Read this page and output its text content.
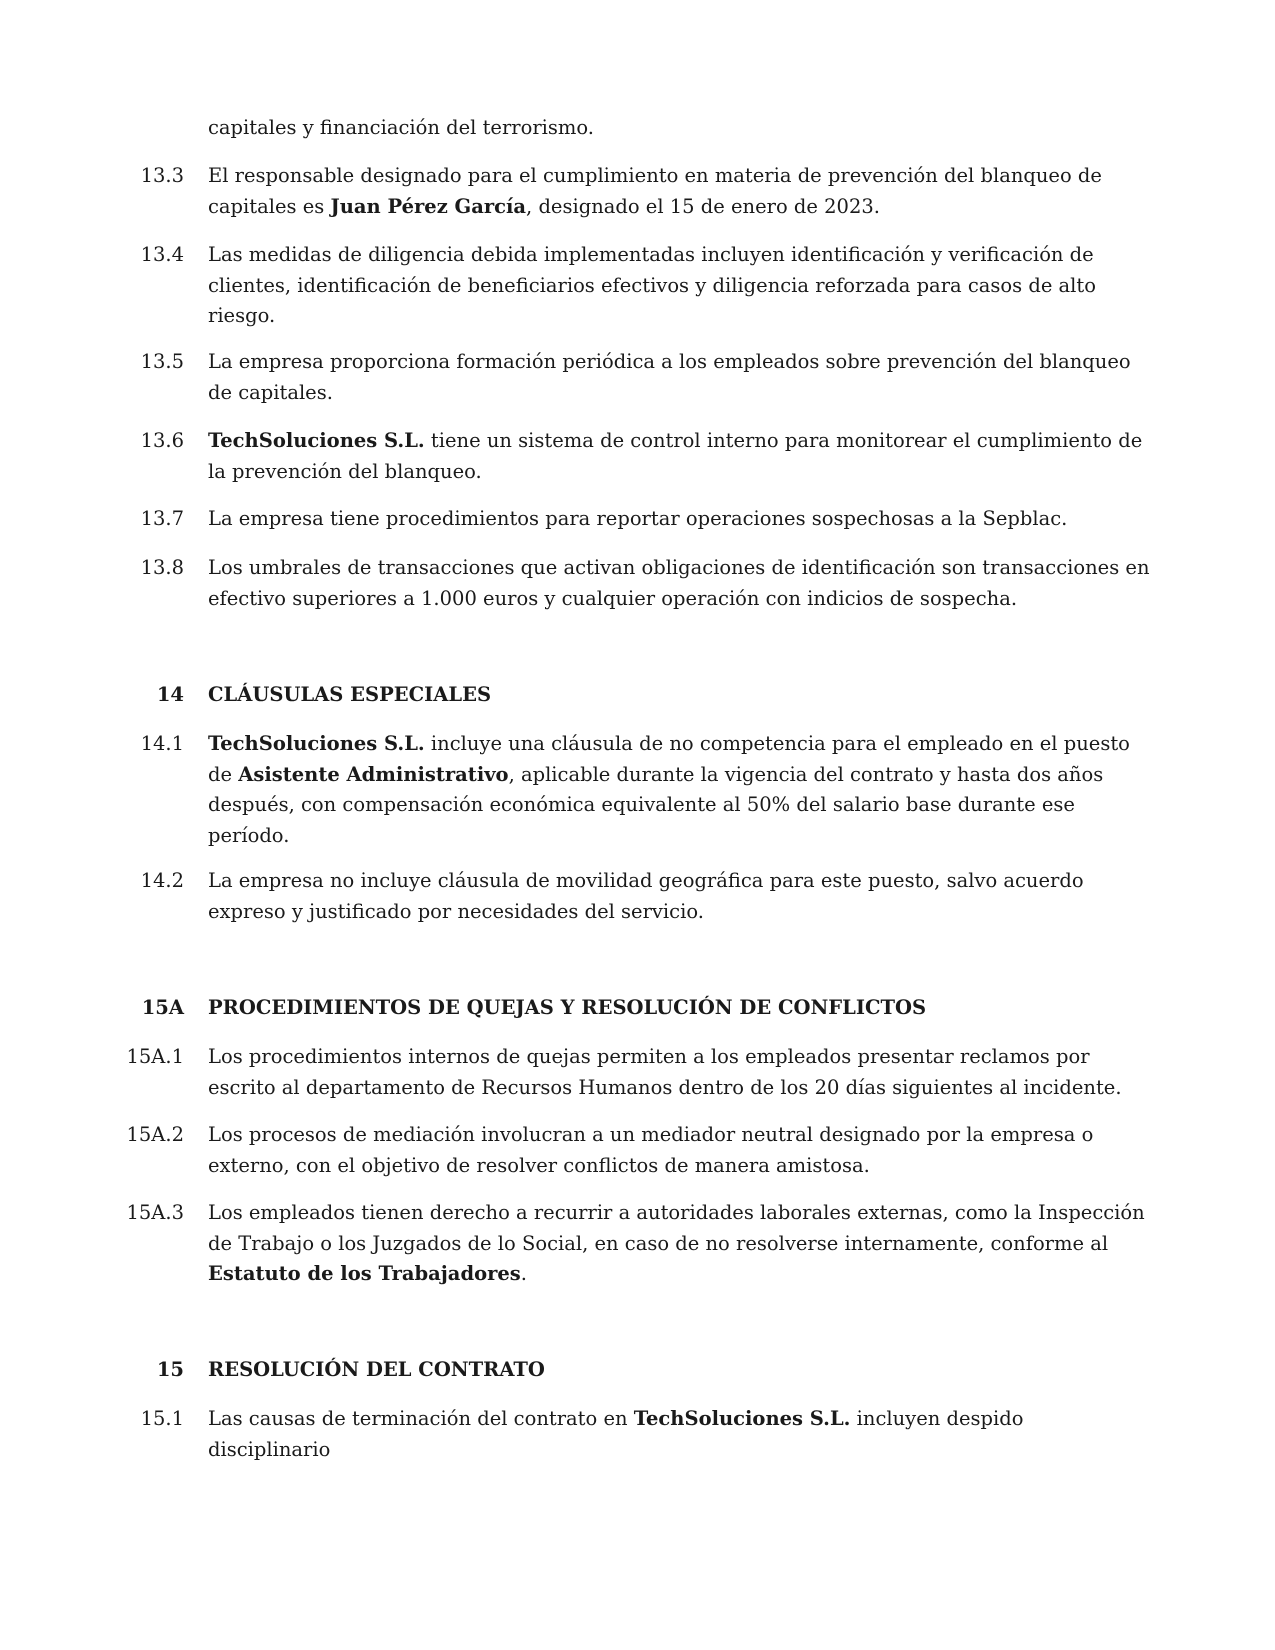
capitales y financiación del terrorismo.
13.3	El responsable designado para el cumplimiento en materia de prevención del blanqueo de capitales es Juan Pérez García, designado el 15 de enero de 2023.
13.4	Las medidas de diligencia debida implementadas incluyen identificación y verificación de clientes, identificación de beneficiarios efectivos y diligencia reforzada para casos de alto riesgo.
13.5	La empresa proporciona formación periódica a los empleados sobre prevención del blanqueo de capitales.
13.6	TechSoluciones S.L. tiene un sistema de control interno para monitorear el cumplimiento de la prevención del blanqueo.
13.7	La empresa tiene procedimientos para reportar operaciones sospechosas a la Sepblac.
13.8	Los umbrales de transacciones que activan obligaciones de identificación son transacciones en efectivo superiores a 1.000 euros y cualquier operación con indicios de sospecha.
14	CLÁUSULAS ESPECIALES
14.1	TechSoluciones S.L. incluye una cláusula de no competencia para el empleado en el puesto de Asistente Administrativo, aplicable durante la vigencia del contrato y hasta dos años después, con compensación económica equivalente al 50% del salario base durante ese período.
14.2	La empresa no incluye cláusula de movilidad geográfica para este puesto, salvo acuerdo expreso y justificado por necesidades del servicio.
15A	PROCEDIMIENTOS DE QUEJAS Y RESOLUCIÓN DE CONFLICTOS
15A.1	Los procedimientos internos de quejas permiten a los empleados presentar reclamos por escrito al departamento de Recursos Humanos dentro de los 20 días siguientes al incidente.
15A.2	Los procesos de mediación involucran a un mediador neutral designado por la empresa o externo, con el objetivo de resolver conflictos de manera amistosa.
15A.3	Los empleados tienen derecho a recurrir a autoridades laborales externas, como la Inspección de Trabajo o los Juzgados de lo Social, en caso de no resolverse internamente, conforme al Estatuto de los Trabajadores.
15	RESOLUCIÓN DEL CONTRATO
15.1	Las causas de terminación del contrato en TechSoluciones S.L. incluyen despido disciplinario
